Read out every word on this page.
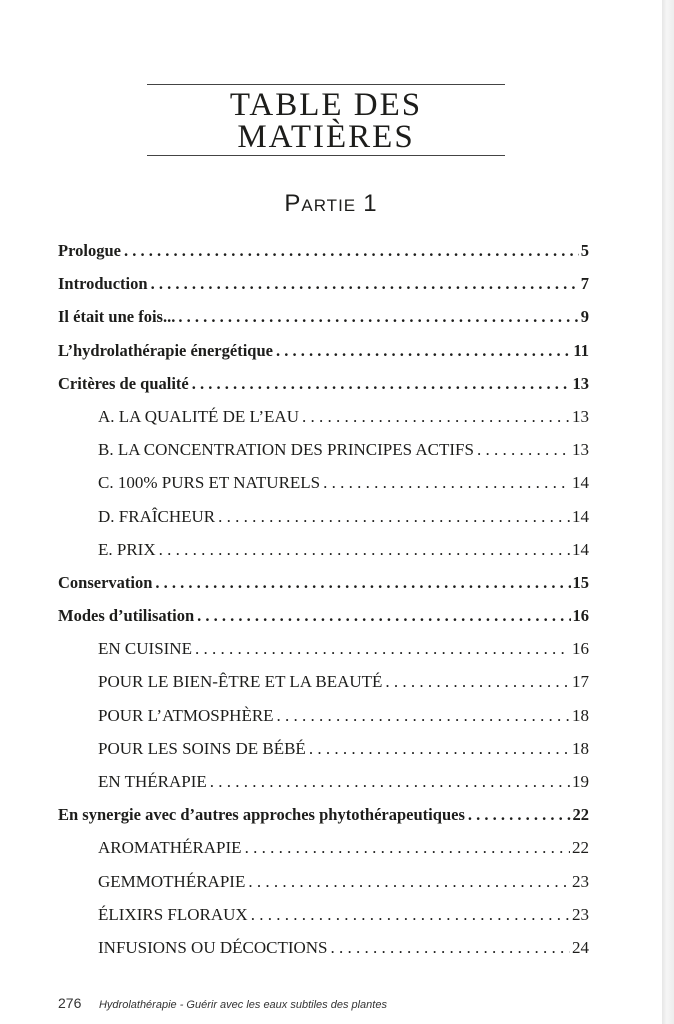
TABLE DES MATIÈRES
PARTIE 1
Prologue . . .	5
Introduction . . .	7
Il était une fois... . . .	9
L’hydrolathérapie énergétique . . .	11
Critères de qualité . . .	13
A. LA QUALITÉ DE L’EAU . . .	13
B. LA CONCENTRATION DES PRINCIPES ACTIFS . . .	13
C. 100% PURS ET NATURELS . . .	14
D. FRAÎCHEUR . . .	14
E. PRIX . . .	14
Conservation . . .	15
Modes d’utilisation . . .	16
EN CUISINE . . .	16
POUR LE BIEN-ÊTRE ET LA BEAUTÉ . . .	17
POUR L’ATMOSPHÈRE . . .	18
POUR LES SOINS DE BÉBÉ . . .	18
EN THÉRAPIE . . .	19
En synergie avec d’autres approches phytothérapeutiques . . .	22
AROMATHÉRAPIE . . .	22
GEMMOTHÉRAPIE . . .	23
ÉLIXIRS FLORAUX . . .	23
INFUSIONS OU DÉCOCTIONS . . .	24
276 Hydrolathérapie - Guérir avec les eaux subtiles des plantes
